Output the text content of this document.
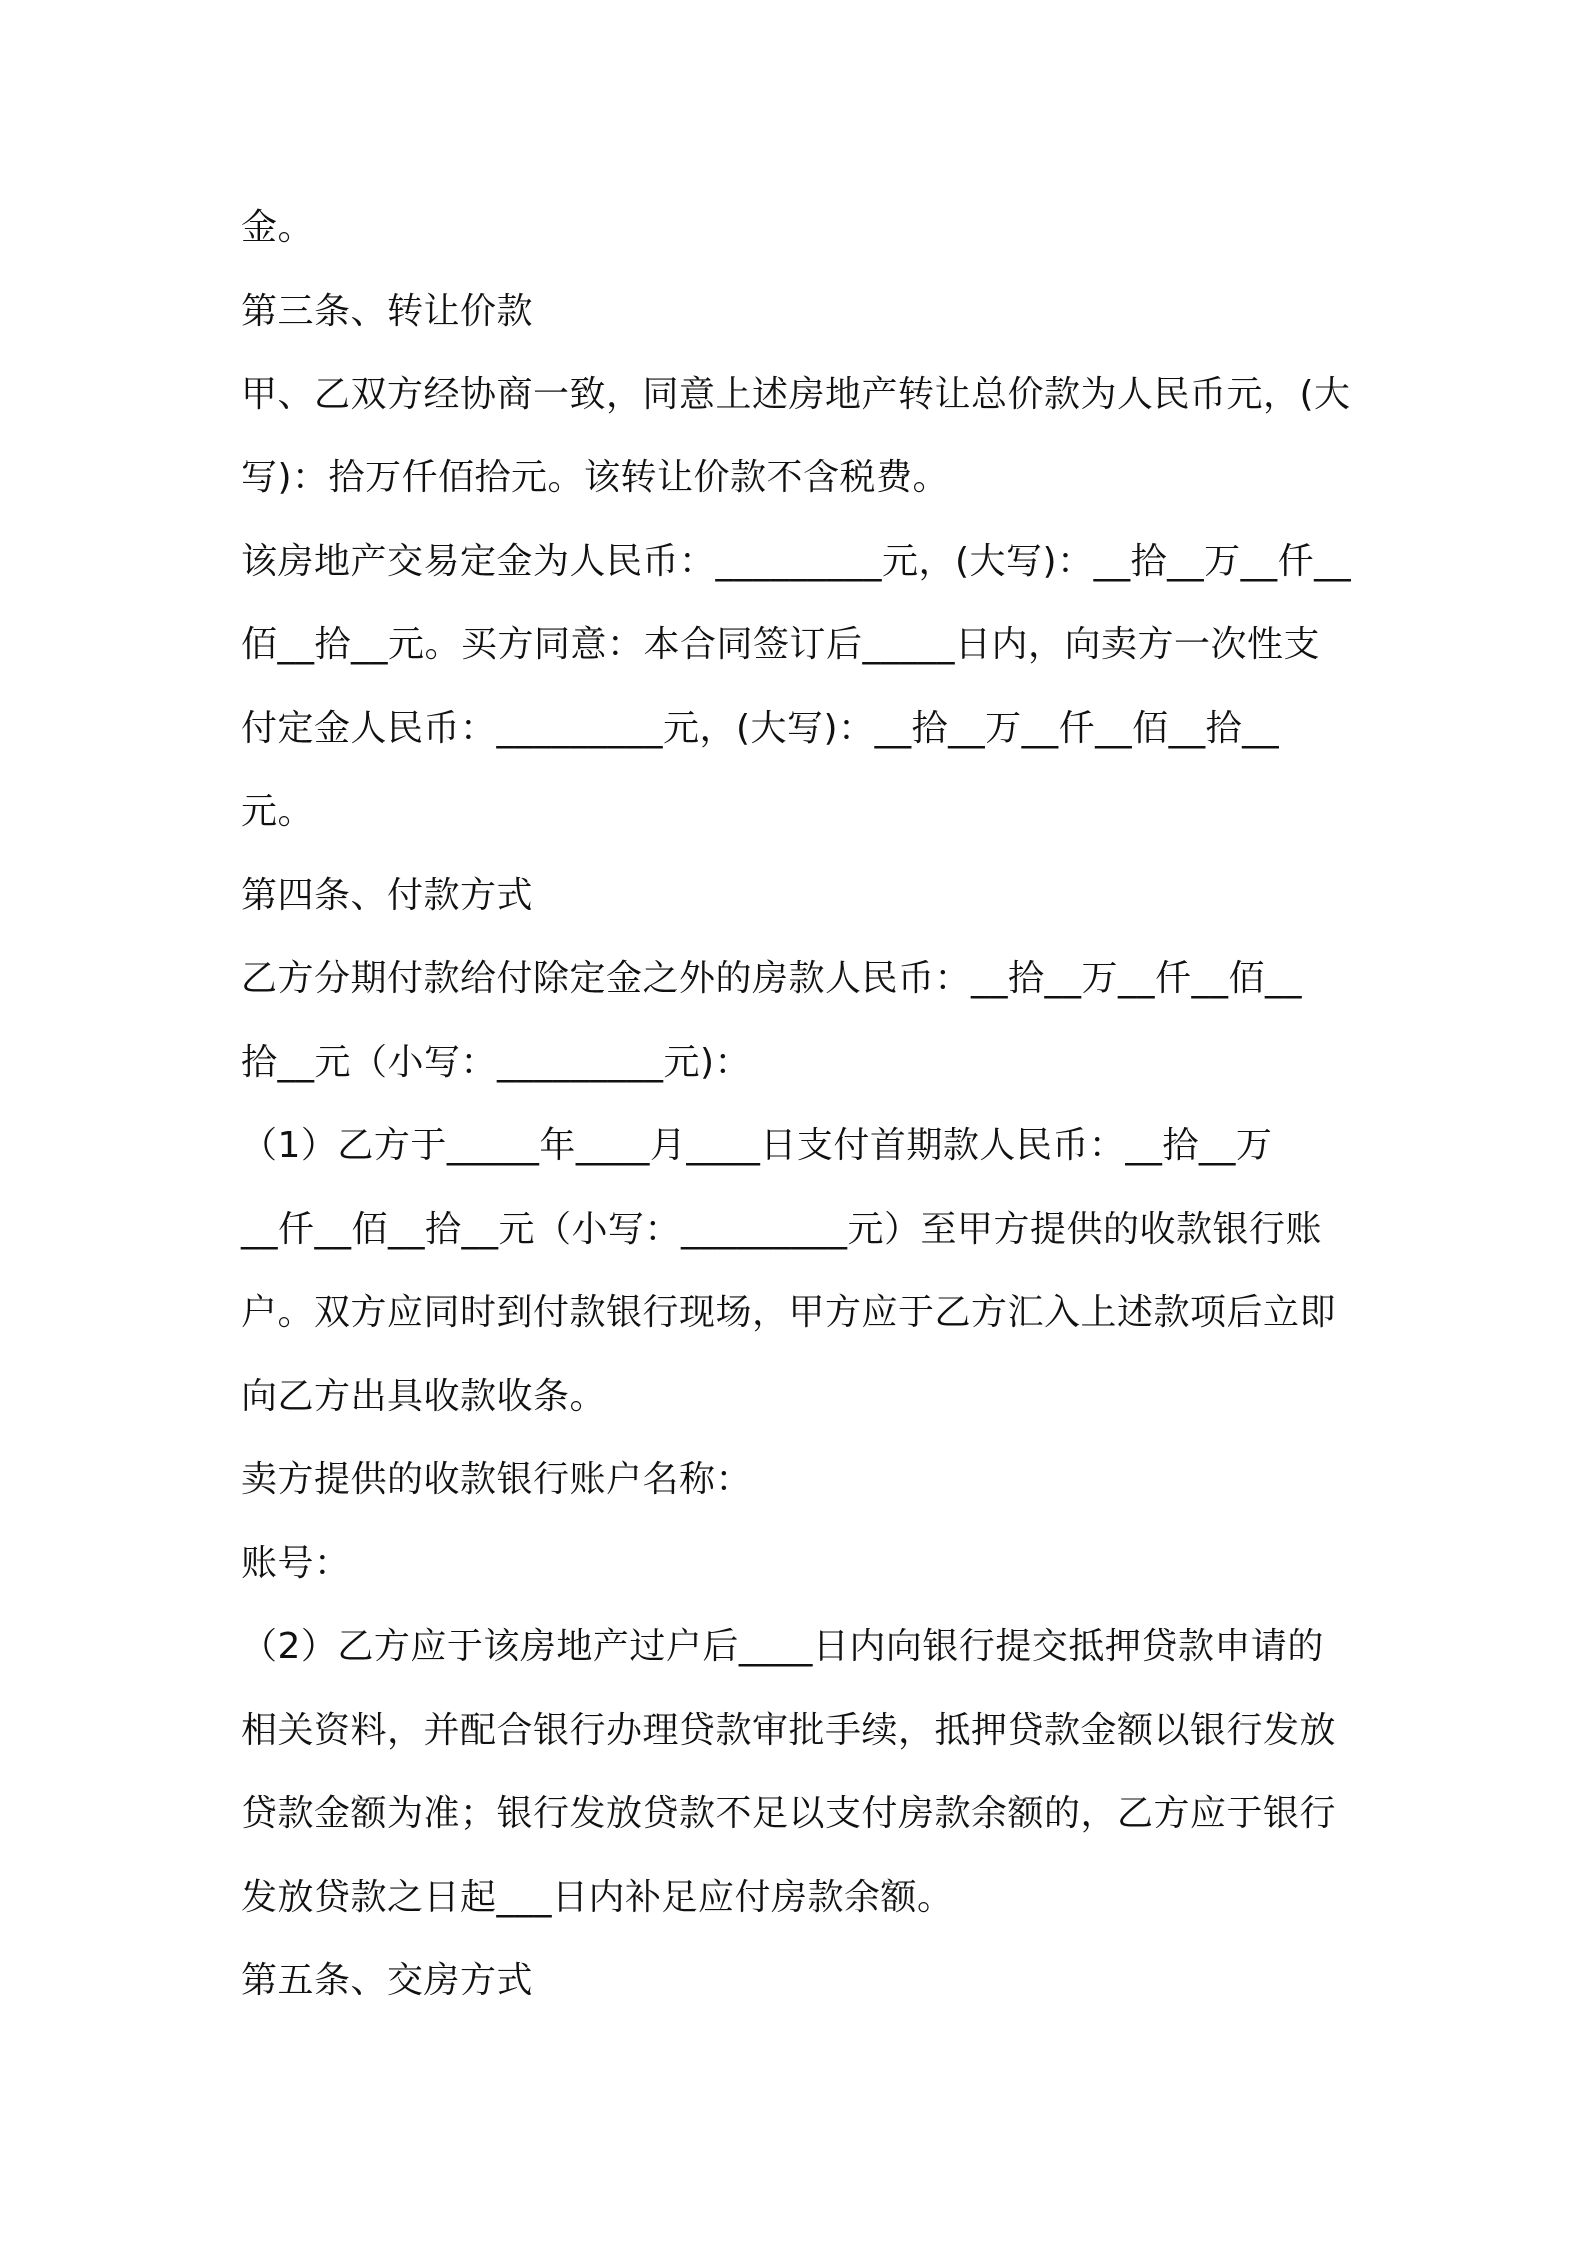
金。
第三条、转让价款
甲、乙双方经协商一致，同意上述房地产转让总价款为人民币元，(大
写)：拾万仟佰拾元。该转让价款不含税费。
该房地产交易定金为人民币：_________元，(大写)：__拾__万__仟__
佰__拾__元。买方同意：本合同签订后_____日内，向卖方一次性支
付定金人民币：_________元，(大写)：__拾__万__仟__佰__拾__
元。
第四条、付款方式
乙方分期付款给付除定金之外的房款人民币：__拾__万__仟__佰__
拾__元（小写：_________元)：
（1）乙方于_____年____月____日支付首期款人民币：__拾__万
__仟__佰__拾__元（小写：_________元）至甲方提供的收款银行账
户。双方应同时到付款银行现场，甲方应于乙方汇入上述款项后立即
向乙方出具收款收条。
卖方提供的收款银行账户名称：
账号：
（2）乙方应于该房地产过户后____日内向银行提交抵押贷款申请的
相关资料，并配合银行办理贷款审批手续，抵押贷款金额以银行发放
贷款金额为准；银行发放贷款不足以支付房款余额的，乙方应于银行
发放贷款之日起___日内补足应付房款余额。
第五条、交房方式
